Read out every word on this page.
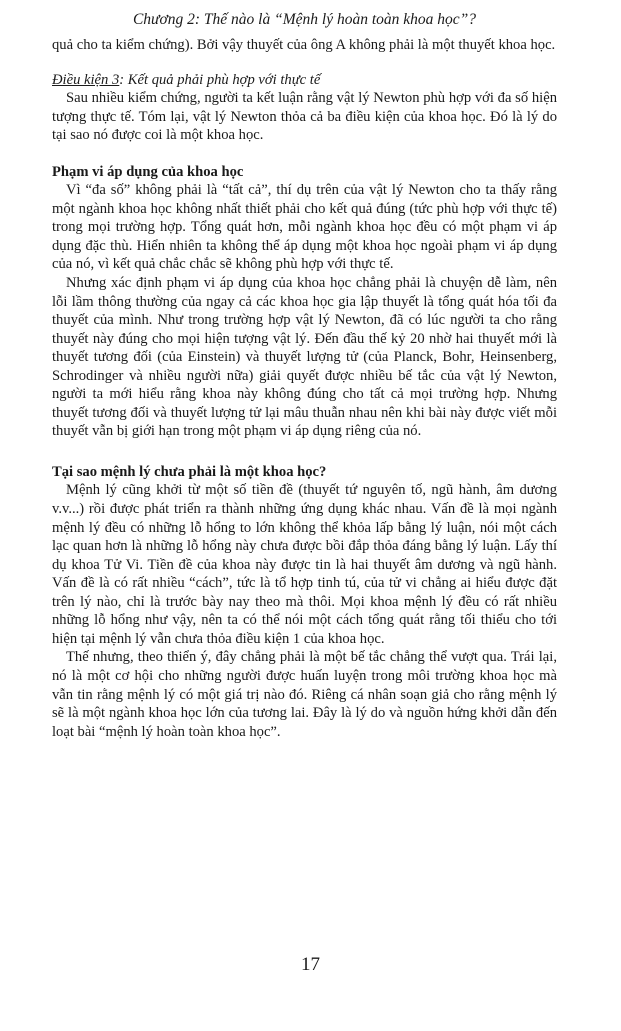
Chương 2: Thế nào là “Mệnh lý hoàn toàn khoa học”?

quả cho ta kiểm chứng). Bởi vậy thuyết của ông A không phải là một thuyết khoa học.

Điều kiện 3: Kết quả phải phù hợp với thực tế

Sau nhiều kiểm chứng, người ta kết luận rằng vật lý Newton phù hợp với đa số hiện tượng thực tế. Tóm lại, vật lý Newton thỏa cả ba điều kiện của khoa học. Đó là lý do tại sao nó được coi là một khoa học.

Phạm vi áp dụng của khoa học

Vì “đa số” không phải là “tất cả”, thí dụ trên của vật lý Newton cho ta thấy rằng một ngành khoa học không nhất thiết phải cho kết quả đúng (tức phù hợp với thực tế) trong mọi trường hợp. Tổng quát hơn, mỗi ngành khoa học đều có một phạm vi áp dụng đặc thù. Hiển nhiên ta không thể áp dụng một khoa học ngoài phạm vi áp dụng của nó, vì kết quả chắc chắc sẽ không phù hợp với thực tế.

Nhưng xác định phạm vi áp dụng của khoa học chẳng phải là chuyện dễ làm, nên lỗi lầm thông thường của ngay cả các khoa học gia lập thuyết là tổng quát hóa tối đa thuyết của mình. Như trong trường hợp vật lý Newton, đã có lúc người ta cho rằng thuyết này đúng cho mọi hiện tượng vật lý. Đến đầu thế kỷ 20 nhờ hai thuyết mới là thuyết tương đối (của Einstein) và thuyết lượng tử (của Planck, Bohr, Heinsenberg, Schrodinger và nhiều người nữa) giải quyết được nhiều bế tắc của vật lý Newton, người ta mới hiểu rằng khoa này không đúng cho tất cả mọi trường hợp. Nhưng thuyết tương đối và thuyết lượng tử lại mâu thuẫn nhau nên khi bài này được viết mỗi thuyết vẫn bị giới hạn trong một phạm vi áp dụng riêng của nó.

Tại sao mệnh lý chưa phải là một khoa học?

Mệnh lý cũng khởi từ một số tiền đề (thuyết tứ nguyên tố, ngũ hành, âm dương v.v...) rồi được phát triển ra thành những ứng dụng khác nhau. Vấn đề là mọi ngành mệnh lý đều có những lỗ hổng to lớn không thể khỏa lấp bằng lý luận, nói một cách lạc quan hơn là những lỗ hổng này chưa được bồi đắp thỏa đáng bằng lý luận. Lấy thí dụ khoa Tử Vi. Tiền đề của khoa này được tin là hai thuyết âm dương và ngũ hành. Vấn đề là có rất nhiều “cách”, tức là tổ hợp tinh tú, của tử vi chẳng ai hiểu được đặt trên lý nào, chỉ là trước bày nay theo mà thôi. Mọi khoa mệnh lý đều có rất nhiều những lỗ hổng như vậy, nên ta có thể nói một cách tổng quát rằng tối thiểu cho tới hiện tại mệnh lý vẫn chưa thỏa điều kiện 1 của khoa học.

Thế nhưng, theo thiển ý, đây chẳng phải là một bế tắc chẳng thể vượt qua. Trái lại, nó là một cơ hội cho những người được huấn luyện trong môi trường khoa học mà vẫn tin rằng mệnh lý có một giá trị nào đó. Riêng cá nhân soạn giả cho rằng mệnh lý sẽ là một ngành khoa học lớn của tương lai. Đây là lý do và nguồn hứng khởi dẫn đến loạt bài “mệnh lý hoàn toàn khoa học”.

17
